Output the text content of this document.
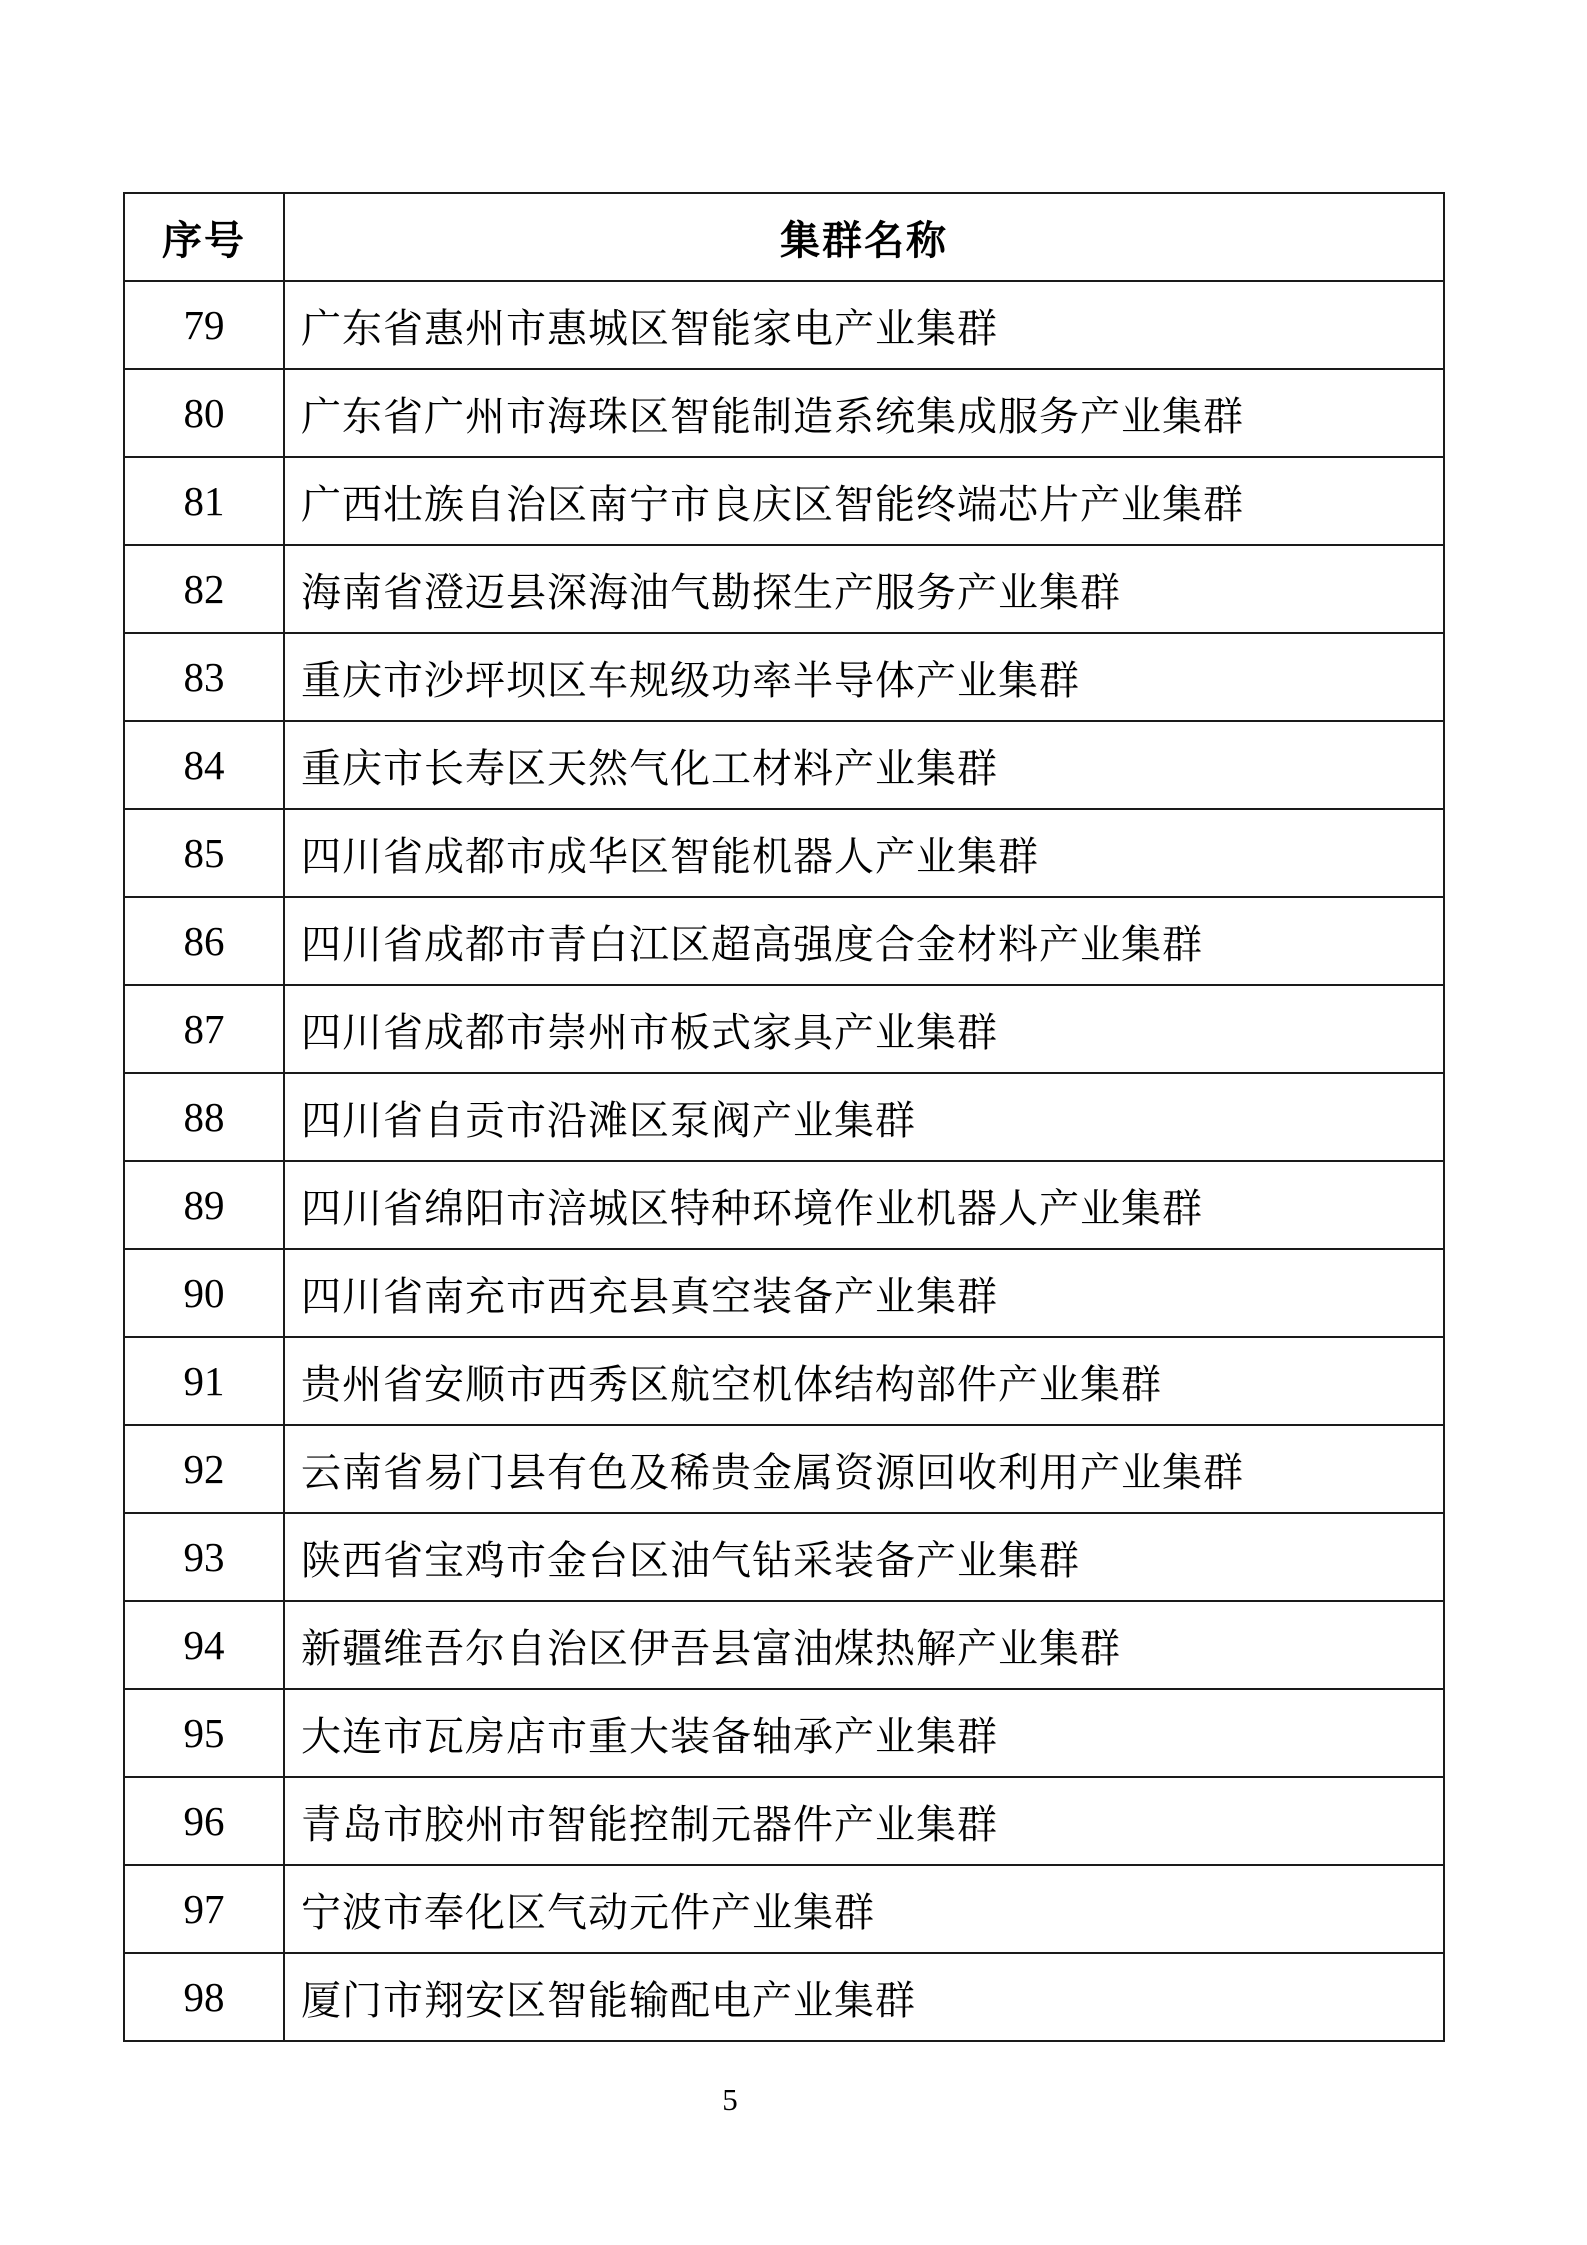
序号	集群名称
79	广东省惠州市惠城区智能家电产业集群
80	广东省广州市海珠区智能制造系统集成服务产业集群
81	广西壮族自治区南宁市良庆区智能终端芯片产业集群
82	海南省澄迈县深海油气勘探生产服务产业集群
83	重庆市沙坪坝区车规级功率半导体产业集群
84	重庆市长寿区天然气化工材料产业集群
85	四川省成都市成华区智能机器人产业集群
86	四川省成都市青白江区超高强度合金材料产业集群
87	四川省成都市崇州市板式家具产业集群
88	四川省自贡市沿滩区泵阀产业集群
89	四川省绵阳市涪城区特种环境作业机器人产业集群
90	四川省南充市西充县真空装备产业集群
91	贵州省安顺市西秀区航空机体结构部件产业集群
92	云南省易门县有色及稀贵金属资源回收利用产业集群
93	陕西省宝鸡市金台区油气钻采装备产业集群
94	新疆维吾尔自治区伊吾县富油煤热解产业集群
95	大连市瓦房店市重大装备轴承产业集群
96	青岛市胶州市智能控制元器件产业集群
97	宁波市奉化区气动元件产业集群
98	厦门市翔安区智能输配电产业集群
5
